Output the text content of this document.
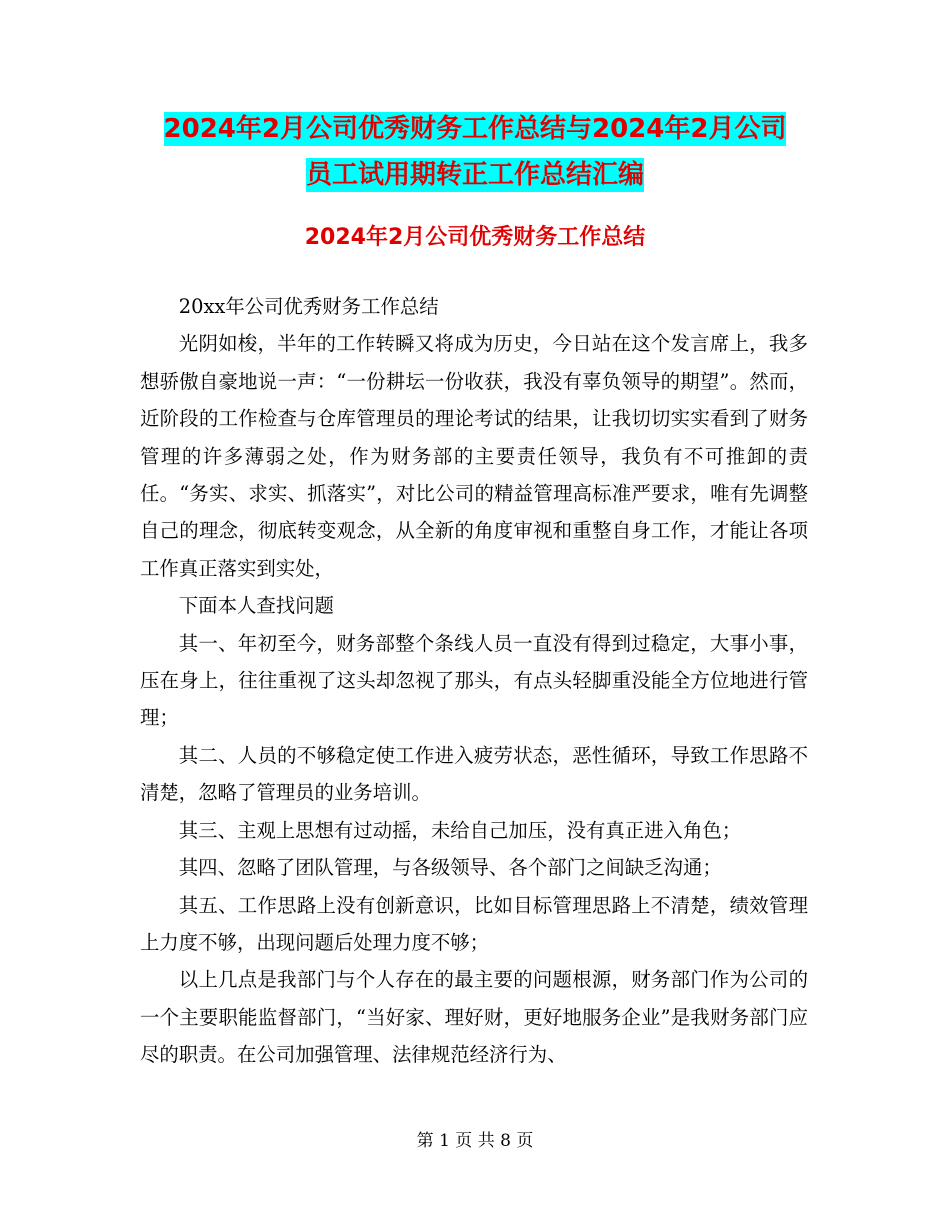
2024年2月公司优秀财务工作总结与2024年2月公司
员工试用期转正工作总结汇编
2024年2月公司优秀财务工作总结

20xx年公司优秀财务工作总结

光阴如梭，半年的工作转瞬又将成为历史，今日站在这个发言席上，我多想骄傲自豪地说一声：“一份耕坛一份收获，我没有辜负领导的期望”。然而，近阶段的工作检查与仓库管理员的理论考试的结果，让我切切实实看到了财务管理的许多薄弱之处，作为财务部的主要责任领导，我负有不可推卸的责任。“务实、求实、抓落实”，对比公司的精益管理高标准严要求，唯有先调整自己的理念，彻底转变观念，从全新的角度审视和重整自身工作，才能让各项工作真正落实到实处，

下面本人查找问题

其一、年初至今，财务部整个条线人员一直没有得到过稳定，大事小事，压在身上，往往重视了这头却忽视了那头，有点头轻脚重没能全方位地进行管理；

其二、人员的不够稳定使工作进入疲劳状态，恶性循环，导致工作思路不清楚，忽略了管理员的业务培训。

其三、主观上思想有过动摇，未给自己加压，没有真正进入角色；

其四、忽略了团队管理，与各级领导、各个部门之间缺乏沟通；

其五、工作思路上没有创新意识，比如目标管理思路上不清楚，绩效管理上力度不够，出现问题后处理力度不够；

以上几点是我部门与个人存在的最主要的问题根源，财务部门作为公司的一个主要职能监督部门，“当好家、理好财，更好地服务企业”是我财务部门应尽的职责。在公司加强管理、法律规范经济行为、

第 1 页 共 8 页
